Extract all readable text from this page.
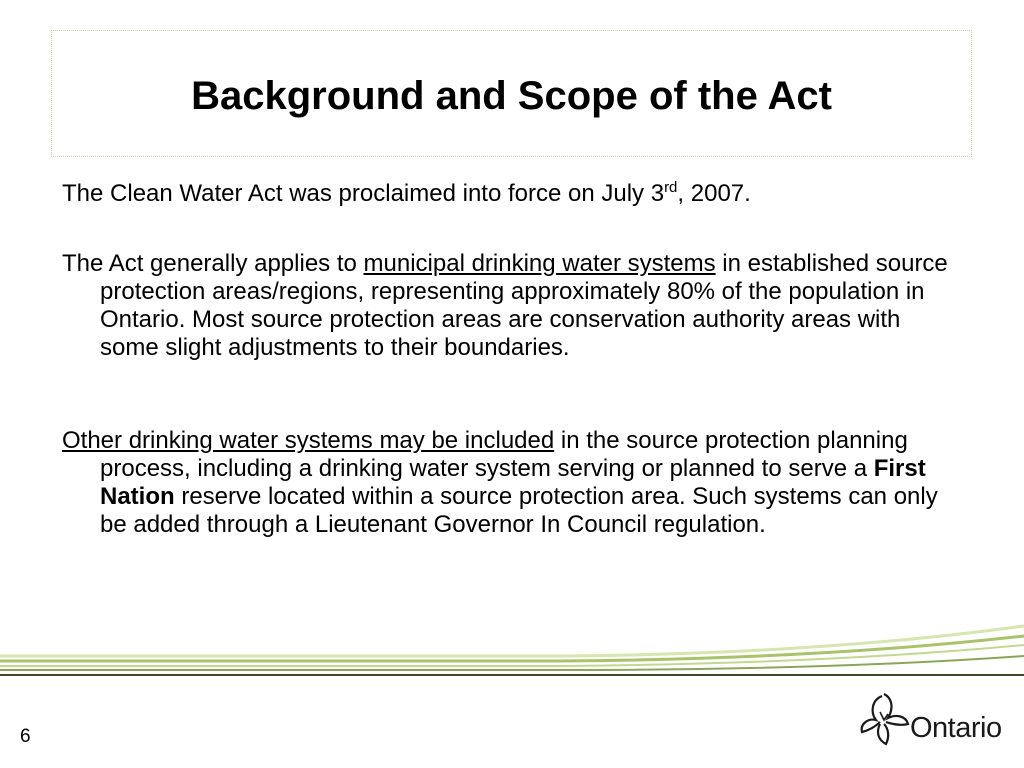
Background and Scope of the Act

The Clean Water Act was proclaimed into force on July 3rd, 2007.

The Act generally applies to municipal drinking water systems in established source protection areas/regions, representing approximately 80% of the population in Ontario. Most source protection areas are conservation authority areas with some slight adjustments to their boundaries.

Other drinking water systems may be included in the source protection planning process, including a drinking water system serving or planned to serve a First Nation reserve located within a source protection area. Such systems can only be added through a Lieutenant Governor In Council regulation.

6	Ontario
